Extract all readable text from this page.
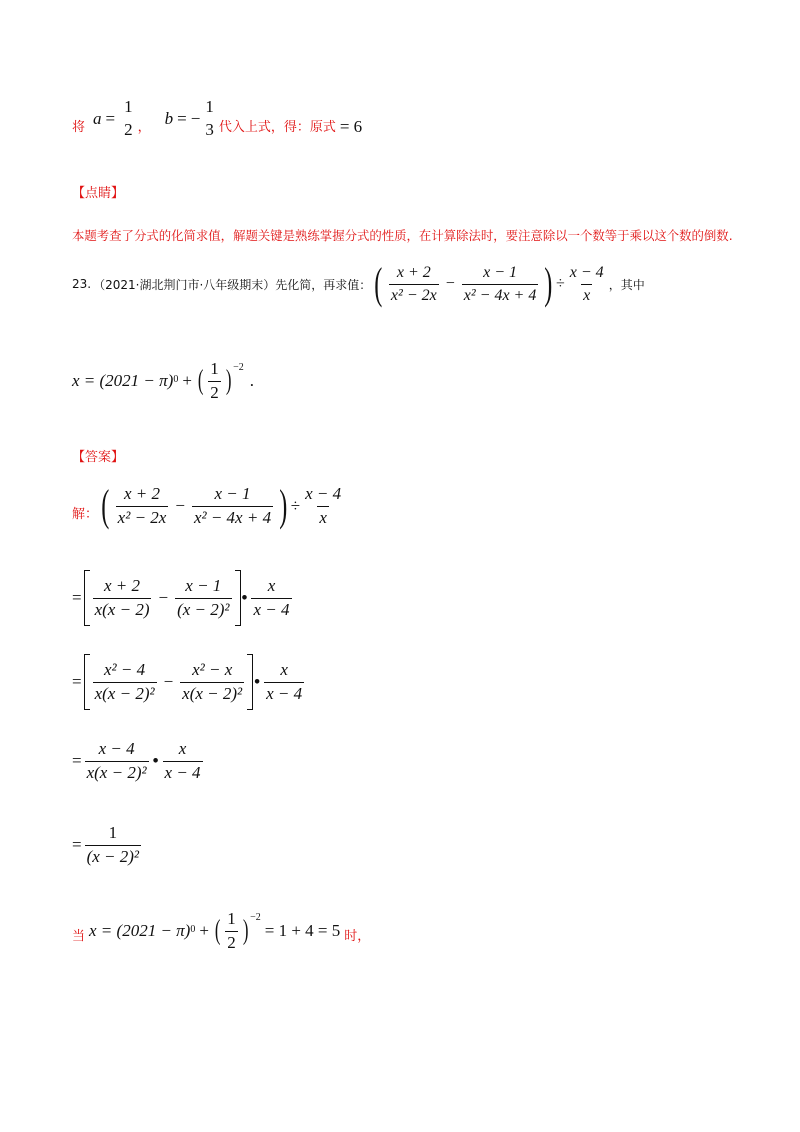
将
a =
1
2 ，
b = −
1
3 代入上式，得：原式 = 6
【点睛】
本题考查了分式的化简求值，解题关键是熟练掌握分式的性质，在计算除法时，要注意除以一个数等于乘以这个数的倒数.
23. （2021·湖北荆门市·八年级期末）先化简，再求值： ( $\frac{x + 2}{\text{x² − 2x}} - \frac{x - 1}{\text{x² − 4x + 4}}$ ) ÷ $\frac{x - 4}{x}$ ，其中
x = (2021 − π) 0 + ( $\frac{1}{2}$ ) −2
.
【答案】
解： ( $\frac{x + 2}{\text{x² − 2x}} - \frac{x - 1}{\text{x² − 4x + 4}}$ ) ÷ $\frac{x - 4}{x}$
= $\frac{x + 2}{x(x - 2)} - \frac{x - 1}{\text{(x − 2)²}}$ • $\frac{x}{x - 4}$
= $\frac{\text{x² − 4}}{\text{x(x − 2)²}} - \frac{\text{x² − x}}{\text{x(x − 2)²}}$ • $\frac{x}{x - 4}$
= $\frac{x - 4}{\text{x(x − 2)²}}$ • $\frac{x}{x - 4}$
= $\frac{1}{\text{(x − 2)²}}$
当 x = (2021 − π) 0 + ( $\frac{1}{2}$ ) −2
= 1 + 4 = 5 时，
